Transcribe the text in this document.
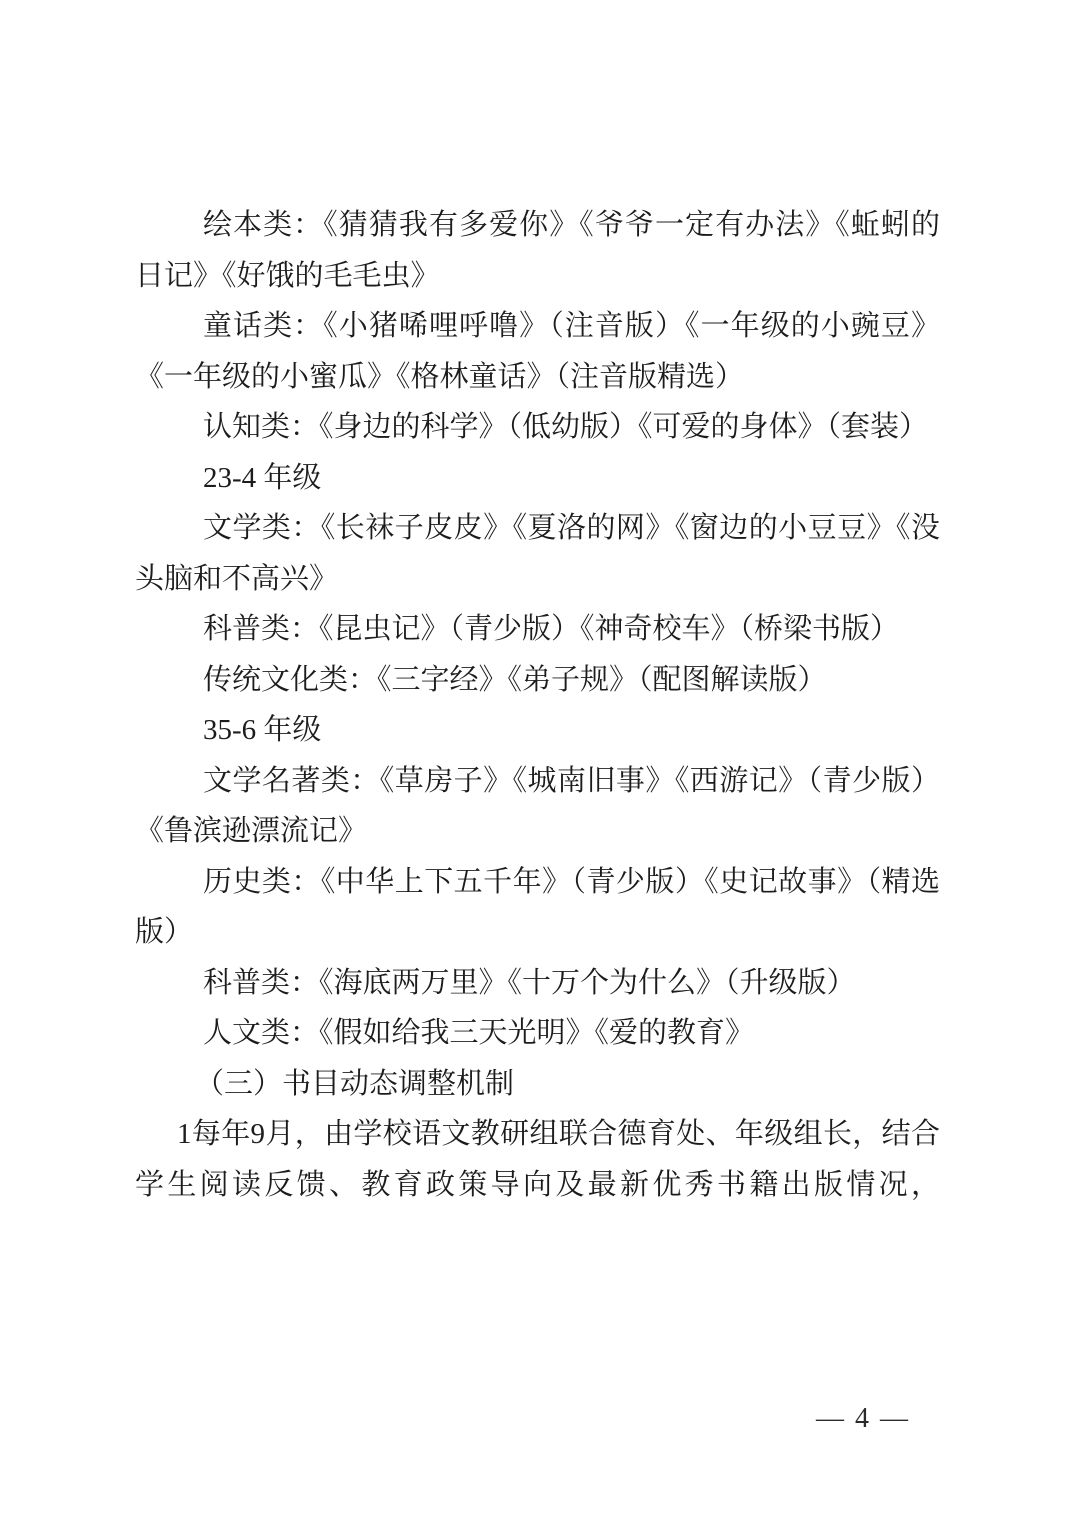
绘本类：《猜猜我有多爱你》《爷爷一定有办法》《蚯蚓的日记》《好饿的毛毛虫》

童话类：《小猪唏哩呼噜》（注音版）《一年级的小豌豆》《一年级的小蜜瓜》《格林童话》（注音版精选）

认知类：《身边的科学》（低幼版）《可爱的身体》（套装）

23-4 年级

文学类：《长袜子皮皮》《夏洛的网》《窗边的小豆豆》《没头脑和不高兴》

科普类：《昆虫记》（青少版）《神奇校车》（桥梁书版）

传统文化类：《三字经》《弟子规》（配图解读版）

35-6 年级

文学名著类：《草房子》《城南旧事》《西游记》（青少版）《鲁滨逊漂流记》

历史类：《中华上下五千年》（青少版）《史记故事》（精选版）

科普类：《海底两万里》《十万个为什么》（升级版）

人文类：《假如给我三天光明》《爱的教育》

（三）书目动态调整机制

1每年9月，由学校语文教研组联合德育处、年级组长，结合学生阅读反馈、教育政策导向及最新优秀书籍出版情况，

— 4 —
